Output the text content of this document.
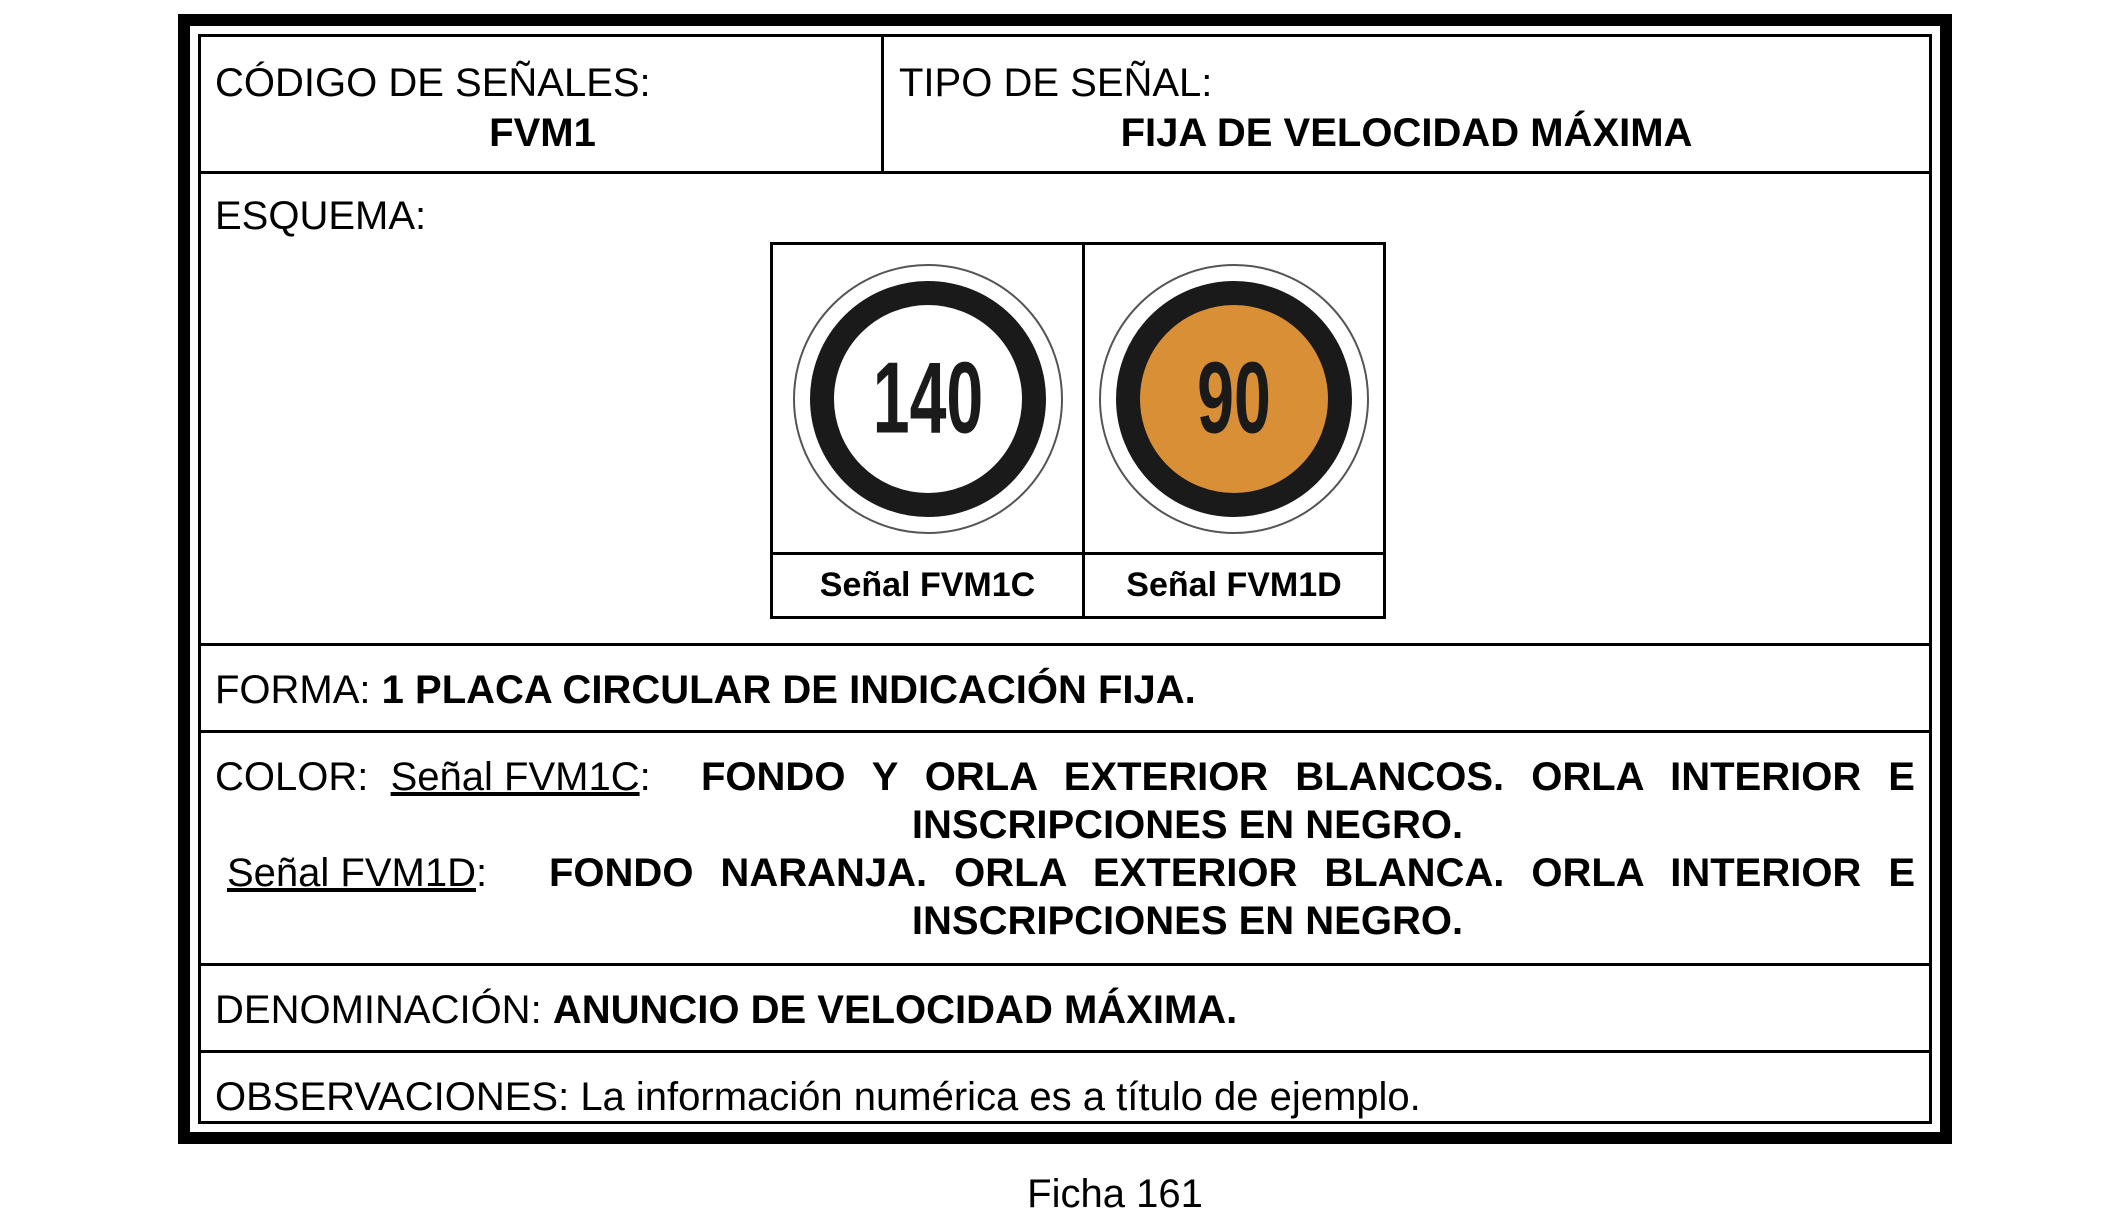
CÓDIGO DE SEÑALES:
FVM1
TIPO DE SEÑAL:
FIJA DE VELOCIDAD MÁXIMA
ESQUEMA:
140
Señal FVM1C
90
Señal FVM1D
FORMA: 1 PLACA CIRCULAR DE INDICACIÓN FIJA.
COLOR: Señal FVM1C: FONDO Y ORLA EXTERIOR BLANCOS. ORLA INTERIOR E
INSCRIPCIONES EN NEGRO.
Señal FVM1D: FONDO NARANJA. ORLA EXTERIOR BLANCA. ORLA INTERIOR E
INSCRIPCIONES EN NEGRO.
DENOMINACIÓN: ANUNCIO DE VELOCIDAD MÁXIMA.
OBSERVACIONES: La información numérica es a título de ejemplo.
Ficha 161
